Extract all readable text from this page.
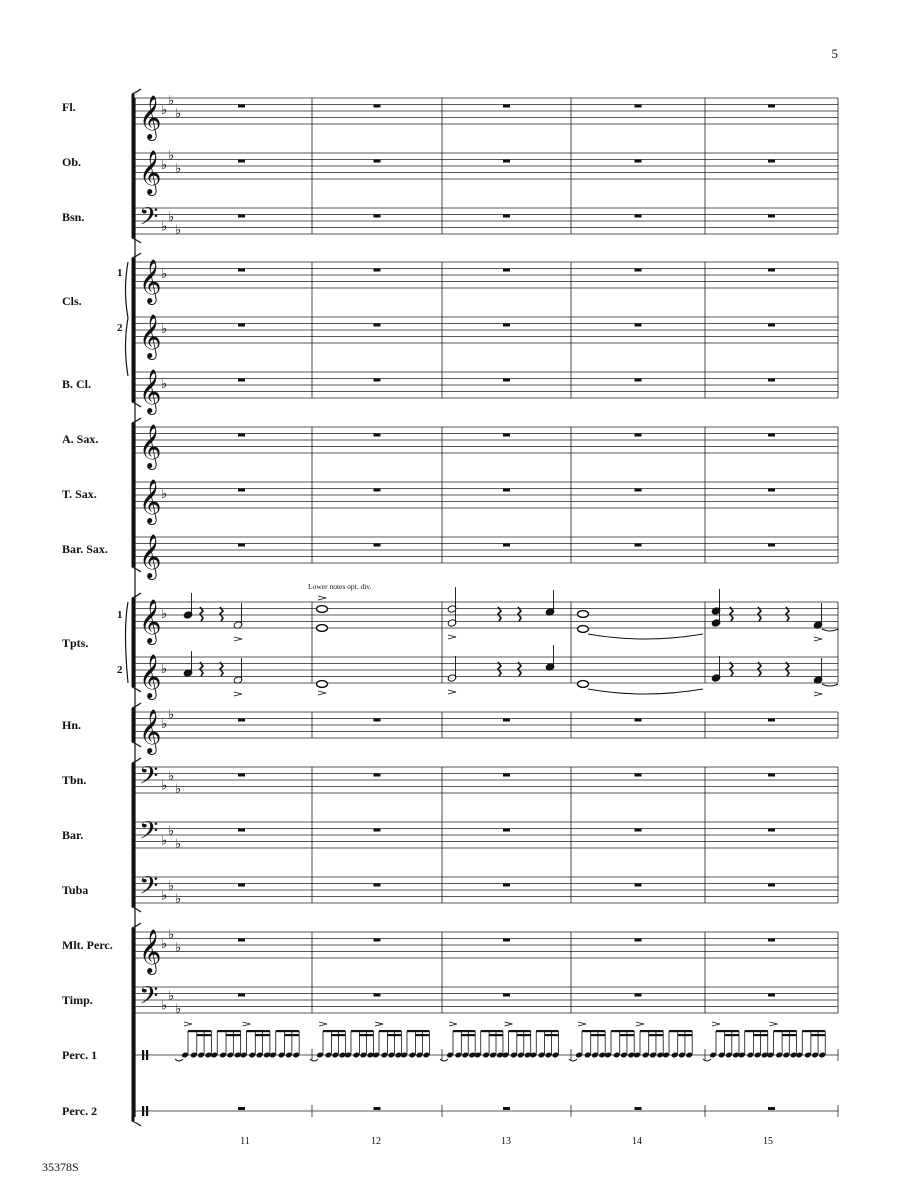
5
Fl.
Ob.
Bsn.
Cls.
1
2
B. Cl.
A. Sax.
T. Sax.
Bar. Sax.
Tpts.
1
2
Hn.
Tbn.
Bar.
Tuba
Mlt. Perc.
Timp.
Perc. 1
Perc. 2
Lower notes opt. div.
11	12	13	14	15
35378S
𝄞 ♭
♭
♭
𝄞 ♭
♭
♭
𝄢 ♭
♭
♭
𝄞 ♭
𝄞 ♭
𝄞 ♭
𝄞
𝄞 ♭
𝄞
𝄞 ♭
𝄞 ♭
𝄞 ♭
♭
𝄢 ♭
♭
♭
𝄢 ♭
♭
♭
𝄢 ♭
♭
♭
𝄞 ♭
♭
♭
𝄢 ♭
♭
♭
